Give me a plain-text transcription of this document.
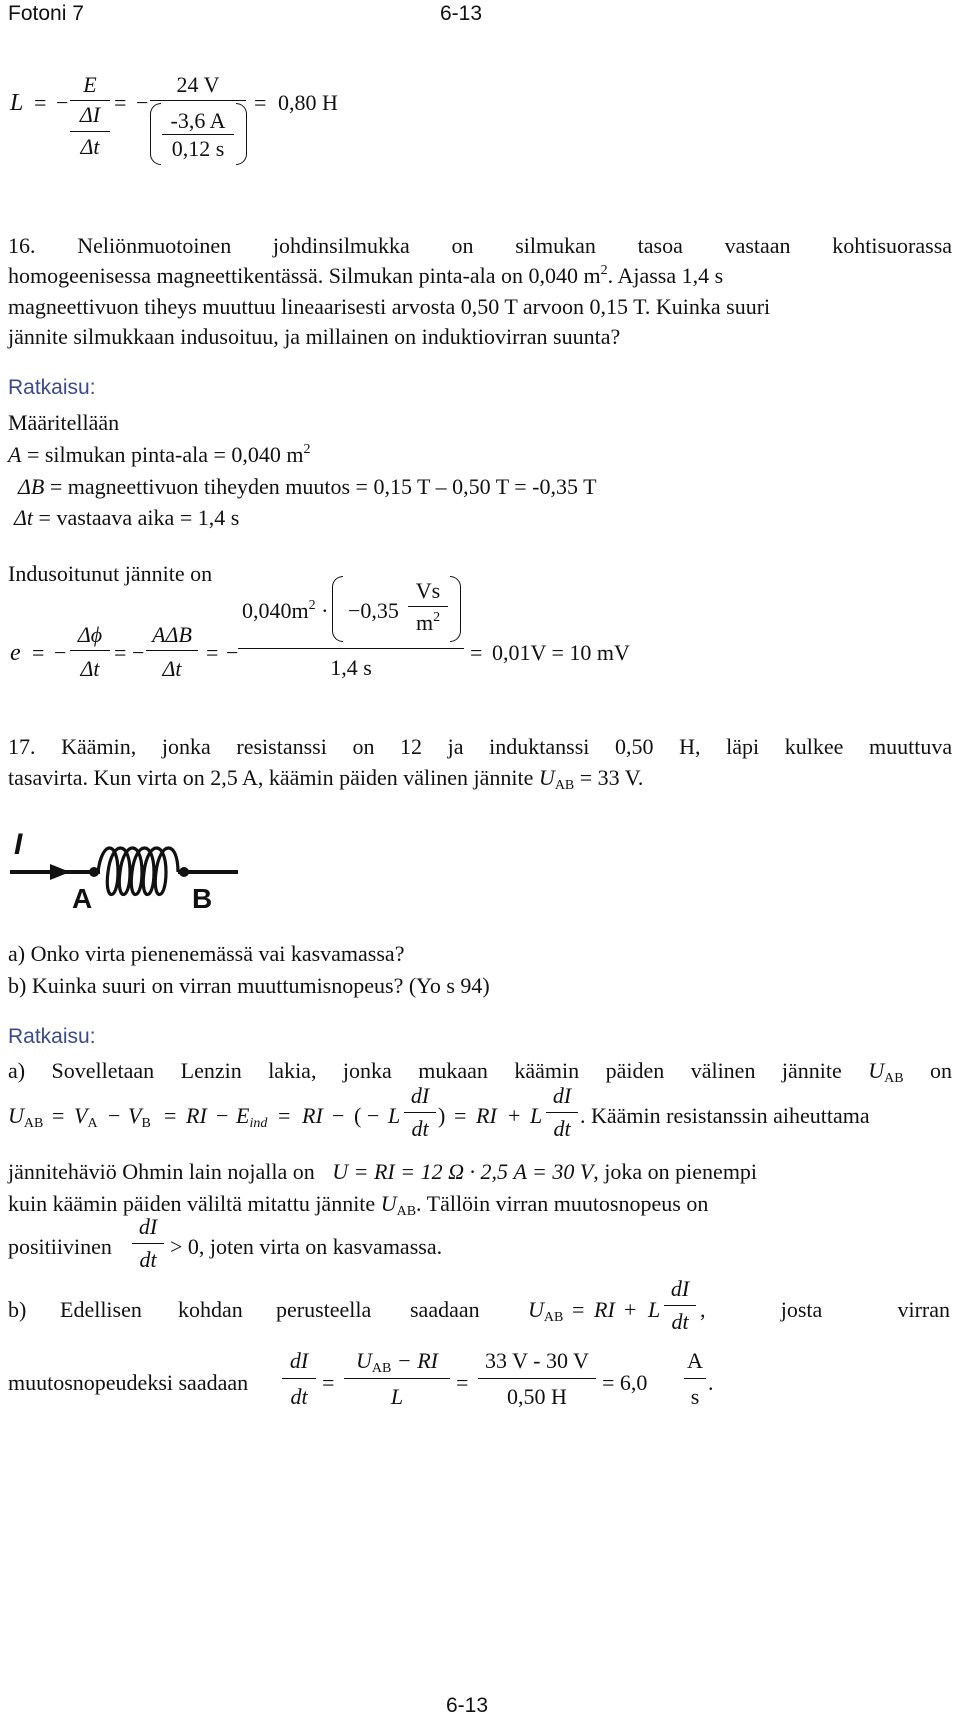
Fotoni 7	6-13
L = −
E
ΔI
Δt
= −
24 V
-3,6 A
0,12 s
= 0,80 H
16. Neliönmuotoinen johdinsilmukka on silmukan tasoa vastaan kohtisuorassa
homogeenisessa magneettikentässä. Silmukan pinta-ala on 0,040 $m^2$. Ajassa 1,4 s
magneettivuon tiheys muuttuu lineaarisesti arvosta 0,50 T arvoon 0,15 T. Kuinka suuri
jännite silmukkaan indusoituu, ja millainen on induktiovirran suunta?
Ratkaisu:
Määritellään
A = silmukan pinta-ala = 0,040 $m^2$
ΔB = magneettivuon tiheyden muutos = 0,15 T – 0,50 T = -0,35 T
Δt = vastaava aika = 1,4 s
Indusoitunut jännite on
e = −
Δϕ
Δt
= −
AΔB
Δt
= −
$0,040m^2 \cdot -0,35$
Vs
$m^2$
1,4 s
= 0,01V = 10 mV
17. Käämin, jonka resistanssi on 12 ja induktanssi 0,50 H, läpi kulkee muuttuva
tasavirta. Kun virta on 2,5 A, käämin päiden välinen jännite $U_{AB} = 33$ V.
I
A	B
a) Onko virta pienenemässä vai kasvamassa?
b) Kuinka suuri on virran muuttumisnopeus? (Yo s 94)
Ratkaisu:
a) Sovelletaan Lenzin lakia, jonka mukaan käämin päiden välinen jännite $U_{AB}$ on
$U_{AB} = V_A - V_B$ = RI − $E_{ind}$ = RI − ( − L
dI
dt
) = RI + L
dI
dt
. Käämin resistanssin aiheuttama
jännitehäviö Ohmin lain nojalla on U = RI = 12 Ω · 2,5 A = 30 V, joka on pienempi
kuin käämin päiden väliltä mitattu jännite $U_{AB}$. Tällöin virran muutosnopeus on
positiivinen
dI
dt
> 0, joten virta on kasvamassa.
b) Edellisen kohdan perusteella saadaan $U_{AB}$ = RI + L
dI
dt , josta virran
muutosnopeudeksi saadaan
dI
dt
=
$U_{AB}$ − RI
L
=
33 V - 30 V
0,50 H
= 6,0
A
s
.
6-13
